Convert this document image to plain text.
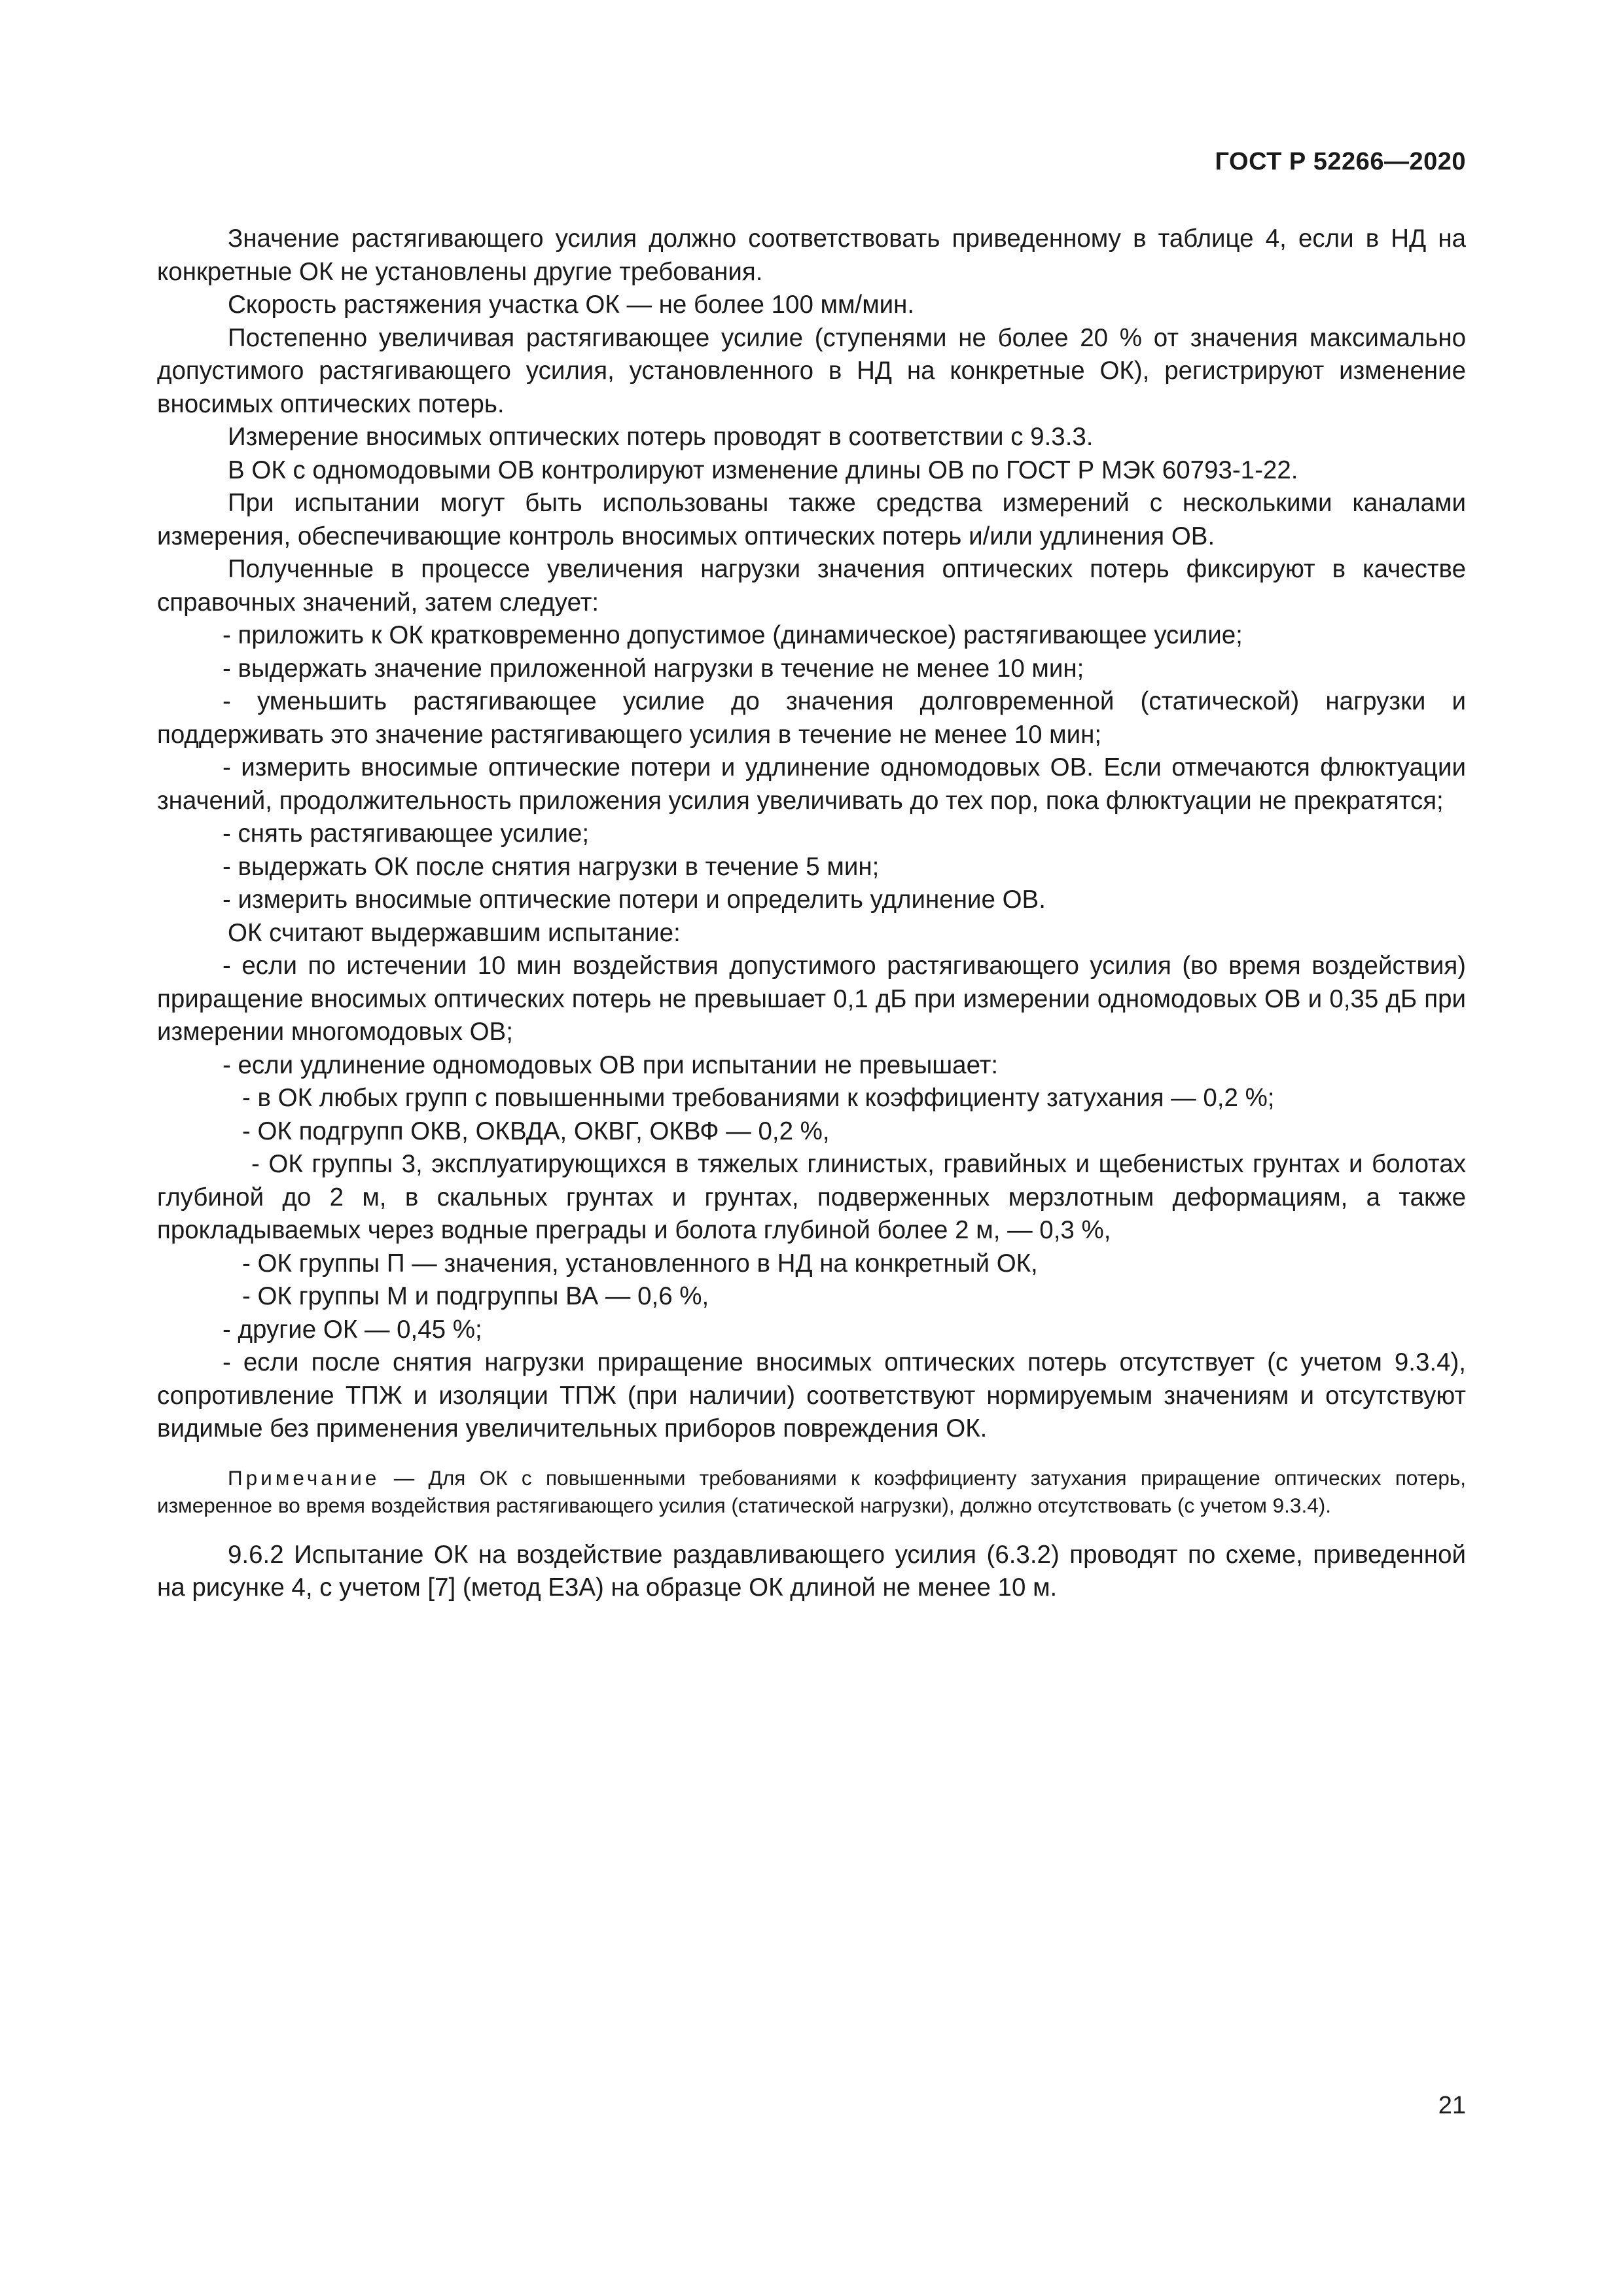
ГОСТ Р 52266—2020

Значение растягивающего усилия должно соответствовать приведенному в таблице 4, если в НД на конкретные ОК не установлены другие требования.

Скорость растяжения участка ОК — не более 100 мм/мин.

Постепенно увеличивая растягивающее усилие (ступенями не более 20 % от значения максимально допустимого растягивающего усилия, установленного в НД на конкретные ОК), регистрируют изменение вносимых оптических потерь.

Измерение вносимых оптических потерь проводят в соответствии с 9.3.3.

В ОК с одномодовыми ОВ контролируют изменение длины ОВ по ГОСТ Р МЭК 60793-1-22.

При испытании могут быть использованы также средства измерений с несколькими каналами измерения, обеспечивающие контроль вносимых оптических потерь и/или удлинения ОВ.

Полученные в процессе увеличения нагрузки значения оптических потерь фиксируют в качестве справочных значений, затем следует:

- приложить к ОК кратковременно допустимое (динамическое) растягивающее усилие;

- выдержать значение приложенной нагрузки в течение не менее 10 мин;

- уменьшить растягивающее усилие до значения долговременной (статической) нагрузки и поддерживать это значение растягивающего усилия в течение не менее 10 мин;

- измерить вносимые оптические потери и удлинение одномодовых ОВ. Если отмечаются флюктуации значений, продолжительность приложения усилия увеличивать до тех пор, пока флюктуации не прекратятся;

- снять растягивающее усилие;

- выдержать ОК после снятия нагрузки в течение 5 мин;

- измерить вносимые оптические потери и определить удлинение ОВ.

ОК считают выдержавшим испытание:

- если по истечении 10 мин воздействия допустимого растягивающего усилия (во время воздействия) приращение вносимых оптических потерь не превышает 0,1 дБ при измерении одномодовых ОВ и 0,35 дБ при измерении многомодовых ОВ;

- если удлинение одномодовых ОВ при испытании не превышает:

- в ОК любых групп с повышенными требованиями к коэффициенту затухания — 0,2 %;

- ОК подгрупп ОКВ, ОКВДА, ОКВГ, ОКВФ — 0,2 %,

- ОК группы 3, эксплуатирующихся в тяжелых глинистых, гравийных и щебенистых грунтах и болотах глубиной до 2 м, в скальных грунтах и грунтах, подверженных мерзлотным деформациям, а также прокладываемых через водные преграды и болота глубиной более 2 м, — 0,3 %,

- ОК группы П — значения, установленного в НД на конкретный ОК,

- ОК группы М и подгруппы ВА — 0,6 %,

- другие ОК — 0,45 %;

- если после снятия нагрузки приращение вносимых оптических потерь отсутствует (с учетом 9.3.4), сопротивление ТПЖ и изоляции ТПЖ (при наличии) соответствуют нормируемым значениям и отсутствуют видимые без применения увеличительных приборов повреждения ОК.

Примечание — Для ОК с повышенными требованиями к коэффициенту затухания приращение оптических потерь, измеренное во время воздействия растягивающего усилия (статической нагрузки), должно отсутствовать (с учетом 9.3.4).

9.6.2 Испытание ОК на воздействие раздавливающего усилия (6.3.2) проводят по схеме, приведенной на рисунке 4, с учетом [7] (метод E3A) на образце ОК длиной не менее 10 м.

21
